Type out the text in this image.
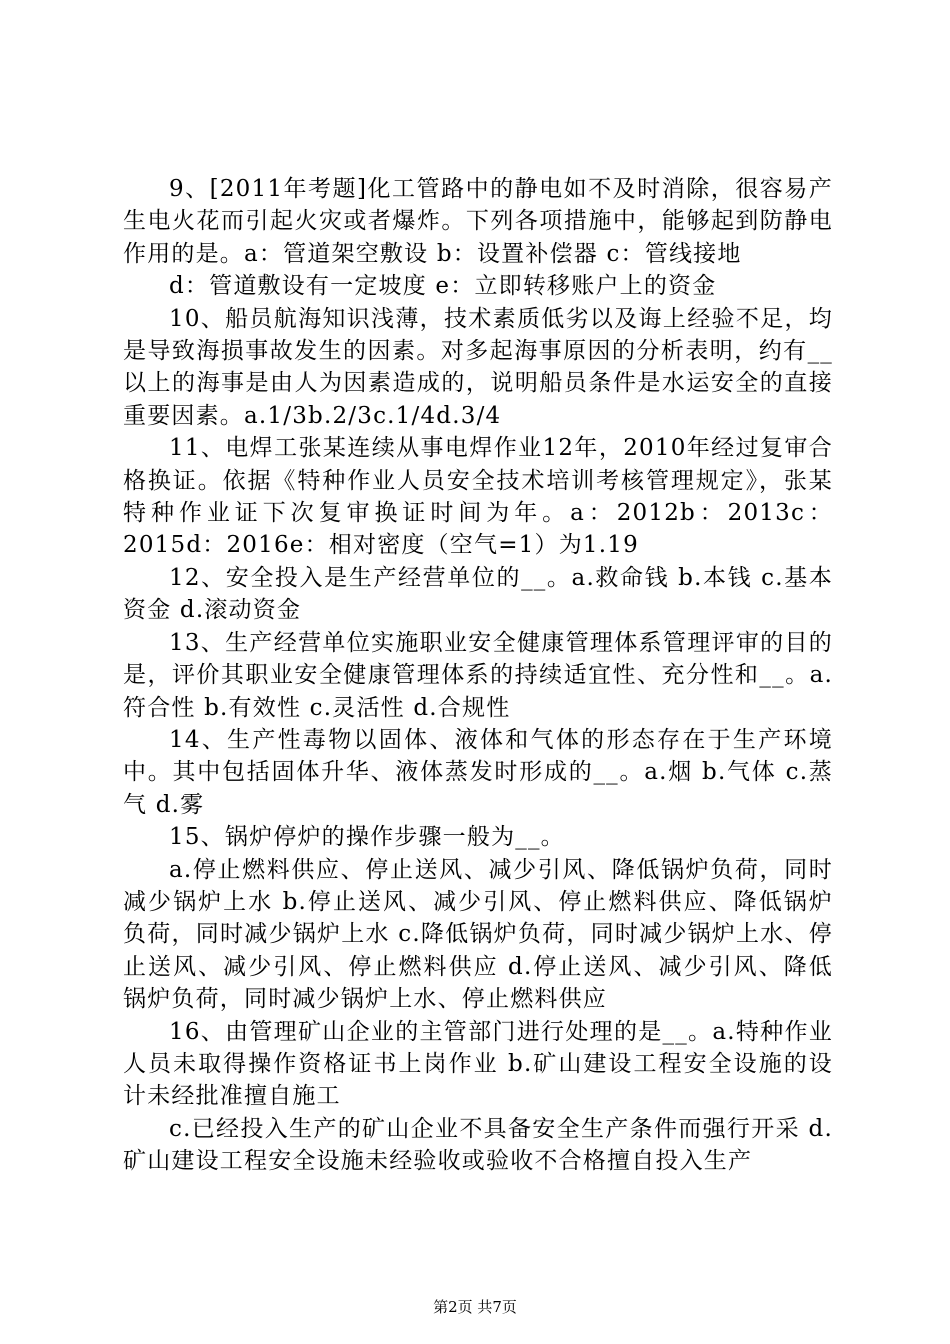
9、[2011年考题]化工管路中的静电如不及时消除，很容易产生电火花而引起火灾或者爆炸。下列各项措施中，能够起到防静电作用的是。a：管道架空敷设 b：设置补偿器 c：管线接地

d：管道敷设有一定坡度 e：立即转移账户上的资金

10、船员航海知识浅薄，技术素质低劣以及诲上经验不足，均是导致海损事故发生的因素。对多起海事原因的分析表明，约有__以上的海事是由人为因素造成的，说明船员条件是水运安全的直接重要因素。a.1/3b.2/3c.1/4d.3/4

11、电焊工张某连续从事电焊作业12年，2010年经过复审合格换证。依据《特种作业人员安全技术培训考核管理规定》，张某特种作业证下次复审换证时间为年。a：2012b：2013c：2015d：2016e：相对密度（空气=1）为1.19

12、安全投入是生产经营单位的__。a.救命钱 b.本钱 c.基本资金 d.滚动资金

13、生产经营单位实施职业安全健康管理体系管理评审的目的是，评价其职业安全健康管理体系的持续适宜性、充分性和__。a.符合性 b.有效性 c.灵活性 d.合规性

14、生产性毒物以固体、液体和气体的形态存在于生产环境中。其中包括固体升华、液体蒸发时形成的__。a.烟 b.气体 c.蒸气 d.雾

15、锅炉停炉的操作步骤一般为__。

a.停止燃料供应、停止送风、减少引风、降低锅炉负荷，同时减少锅炉上水 b.停止送风、减少引风、停止燃料供应、降低锅炉负荷，同时减少锅炉上水 c.降低锅炉负荷，同时减少锅炉上水、停止送风、减少引风、停止燃料供应 d.停止送风、减少引风、降低锅炉负荷，同时减少锅炉上水、停止燃料供应

16、由管理矿山企业的主管部门进行处理的是__。a.特种作业人员未取得操作资格证书上岗作业 b.矿山建设工程安全设施的设计未经批准擅自施工

c.已经投入生产的矿山企业不具备安全生产条件而强行开采 d.矿山建设工程安全设施未经验收或验收不合格擅自投入生产

第2页 共7页
